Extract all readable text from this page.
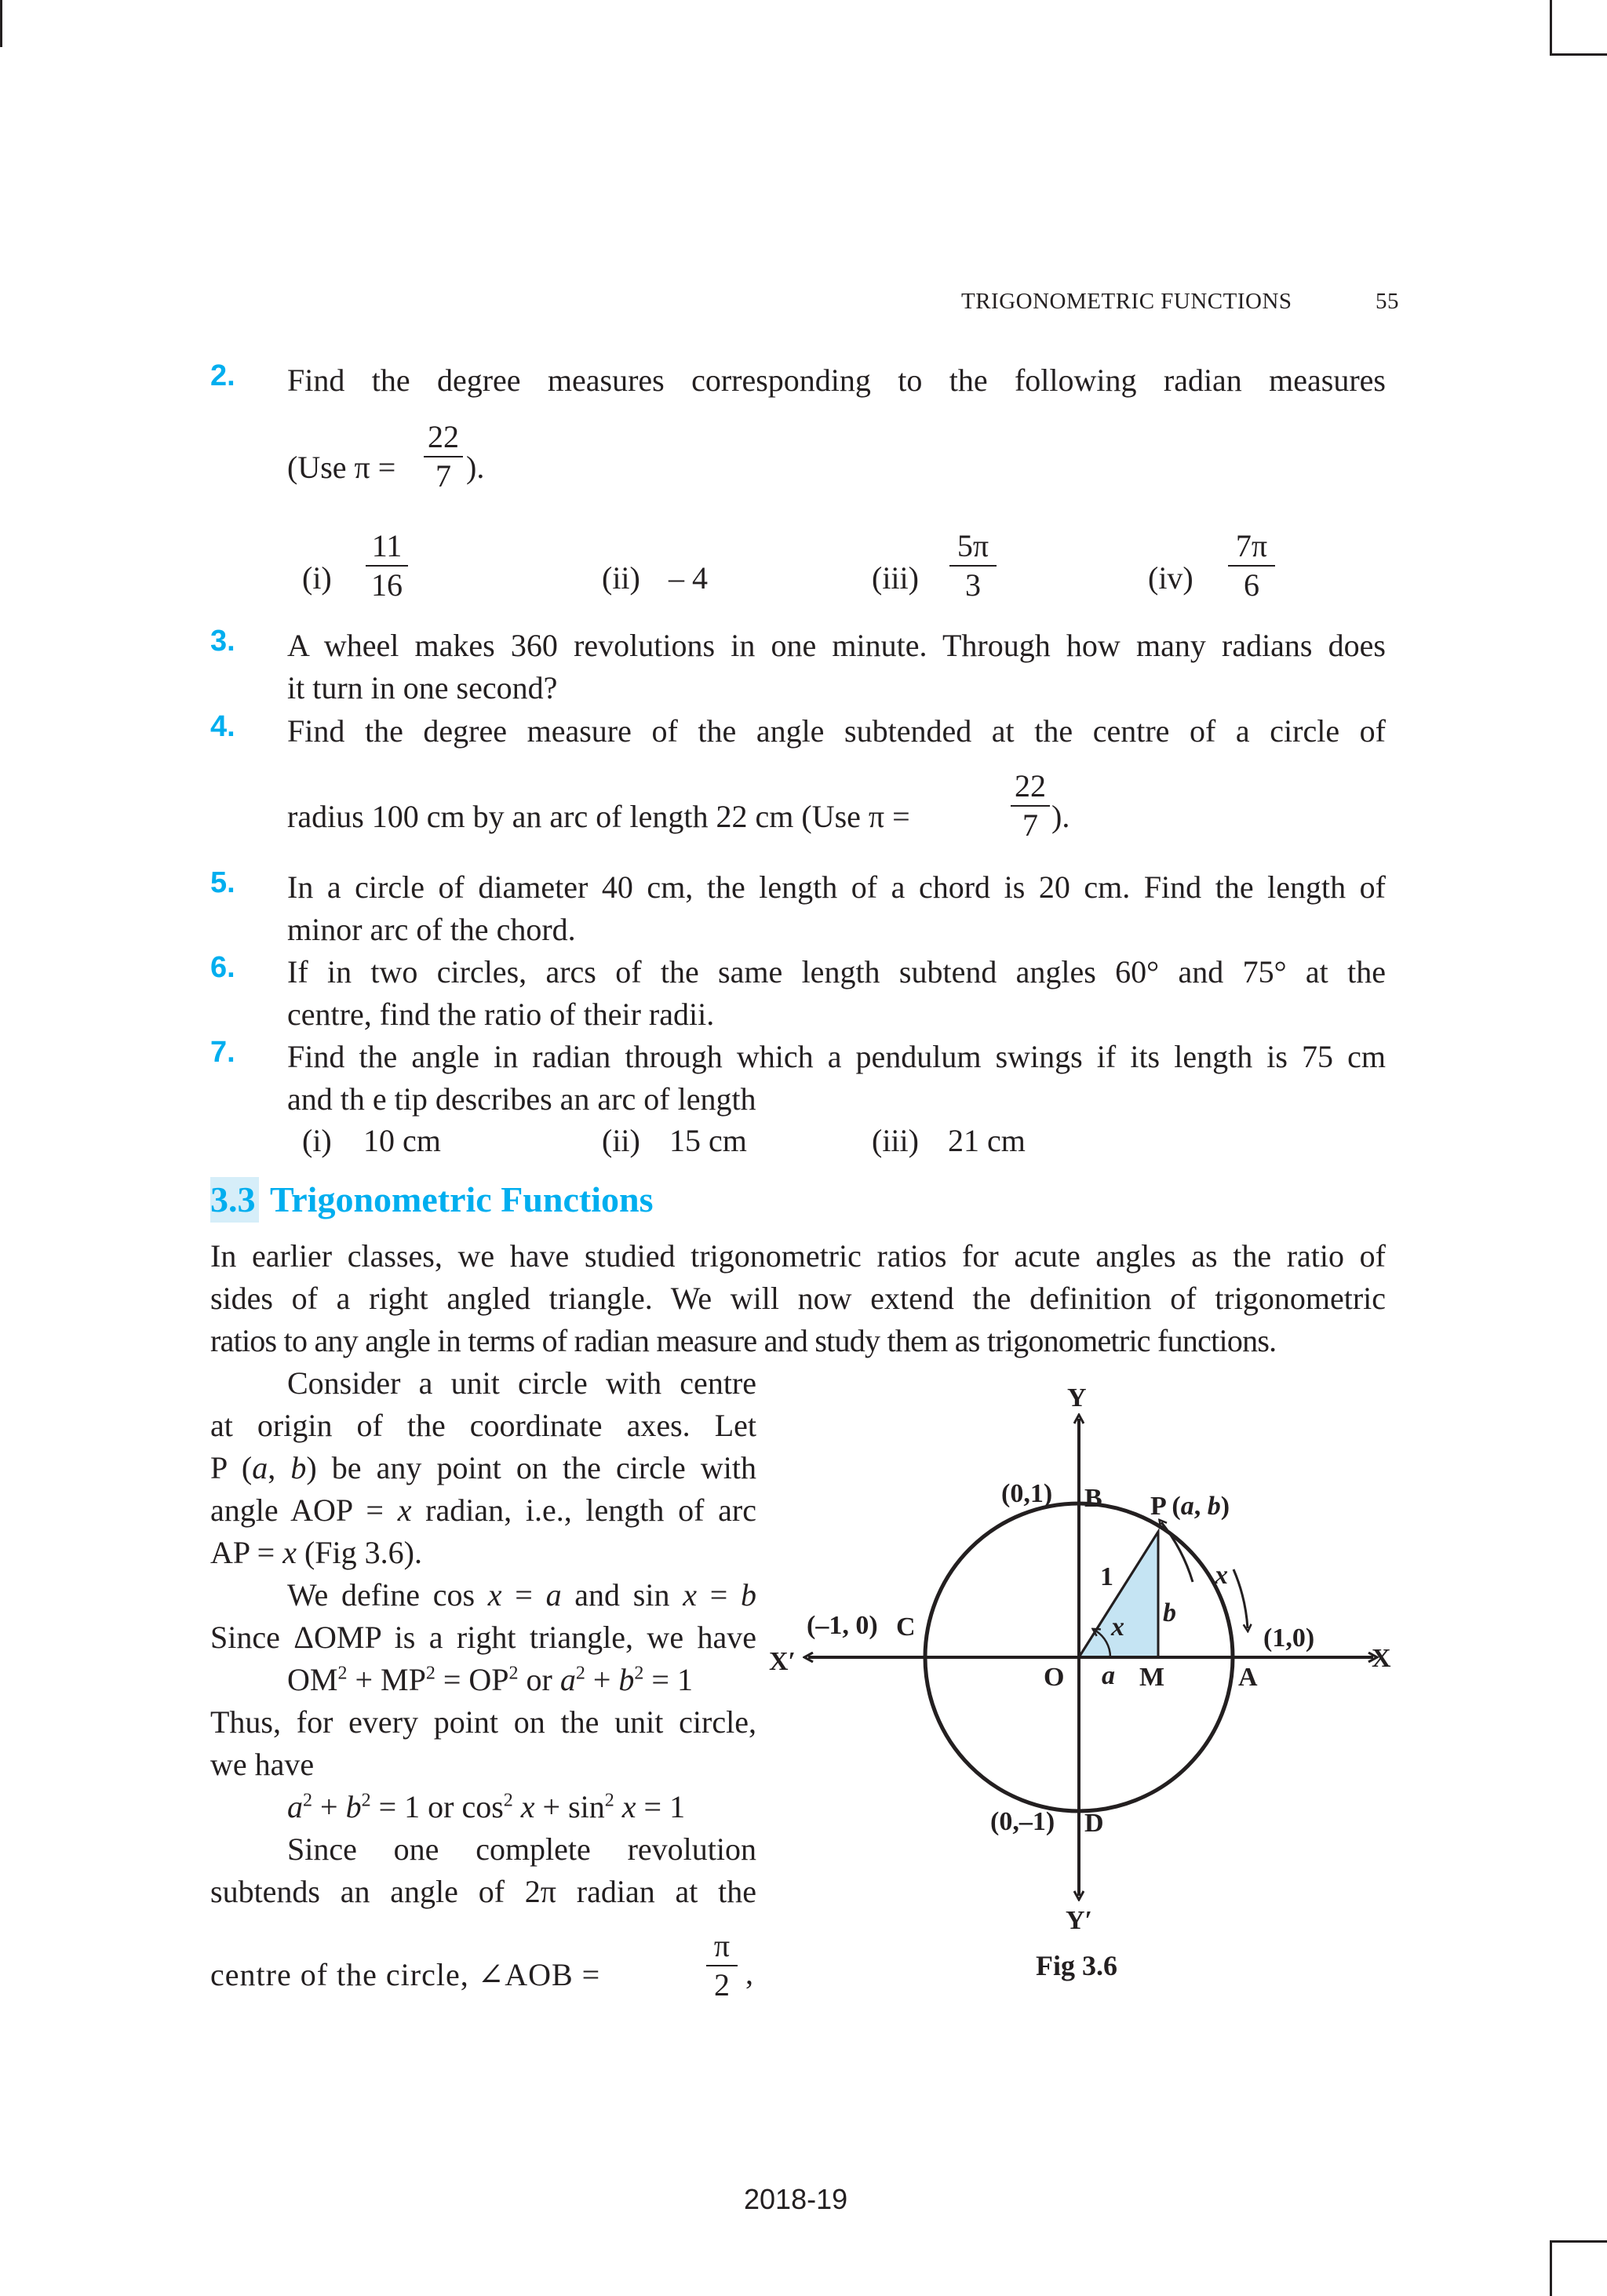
TRIGONOMETRIC FUNCTIONS	55
2. Find the degree measures corresponding to the following radian measures
(Use π =
22
7 ).
(i)
11
16	(ii) – 4	(iii)
5π
3	(iv)
7π
6
3. A wheel makes 360 revolutions in one minute. Through how many radians does
it turn in one second?
4. Find the degree measure of the angle subtended at the centre of a circle of
radius 100 cm by an arc of length 22 cm (Use π =
22
7 ).
5. In a circle of diameter 40 cm, the length of a chord is 20 cm. Find the length of
minor arc of the chord.
6. If in two circles, arcs of the same length subtend angles 60° and 75° at the
centre, find the ratio of their radii.
7. Find the angle in radian through which a pendulum swings if its length is 75 cm
and th e tip describes an arc of length
(i) 10 cm	(ii) 15 cm	(iii) 21 cm
3.3 Trigonometric Functions
In earlier classes, we have studied trigonometric ratios for acute angles as the ratio of
sides of a right angled triangle. We will now extend the definition of trigonometric
ratios to any angle in terms of radian measure and study them as trigonometric functions.
Consider a unit circle with centre
at origin of the coordinate axes. Let
P (a, b) be any point on the circle with
angle AOP = x radian, i.e., length of arc
AP = x (Fig 3.6).
We define cos x = a and sin x = b
Since ΔOMP is a right triangle, we have
$OM^2 + MP^2 = OP^2$ or $a^2 + b^2 = 1$
Thus, for every point on the unit circle,
we have
$a^2 + b^2 = 1$ or $\cos^2 x + \sin^2 x = 1$
Since one complete revolution
subtends an angle of 2π radian at the
centre of the circle, ∠AOB =
π
2 ,
Y
Y′
X
X′
(0,1) B P (a, b)
(–1, 0) C	(1,0)
A
O a M
b
1
x
x
(0,–1) D
Fig 3.6
2018-19
